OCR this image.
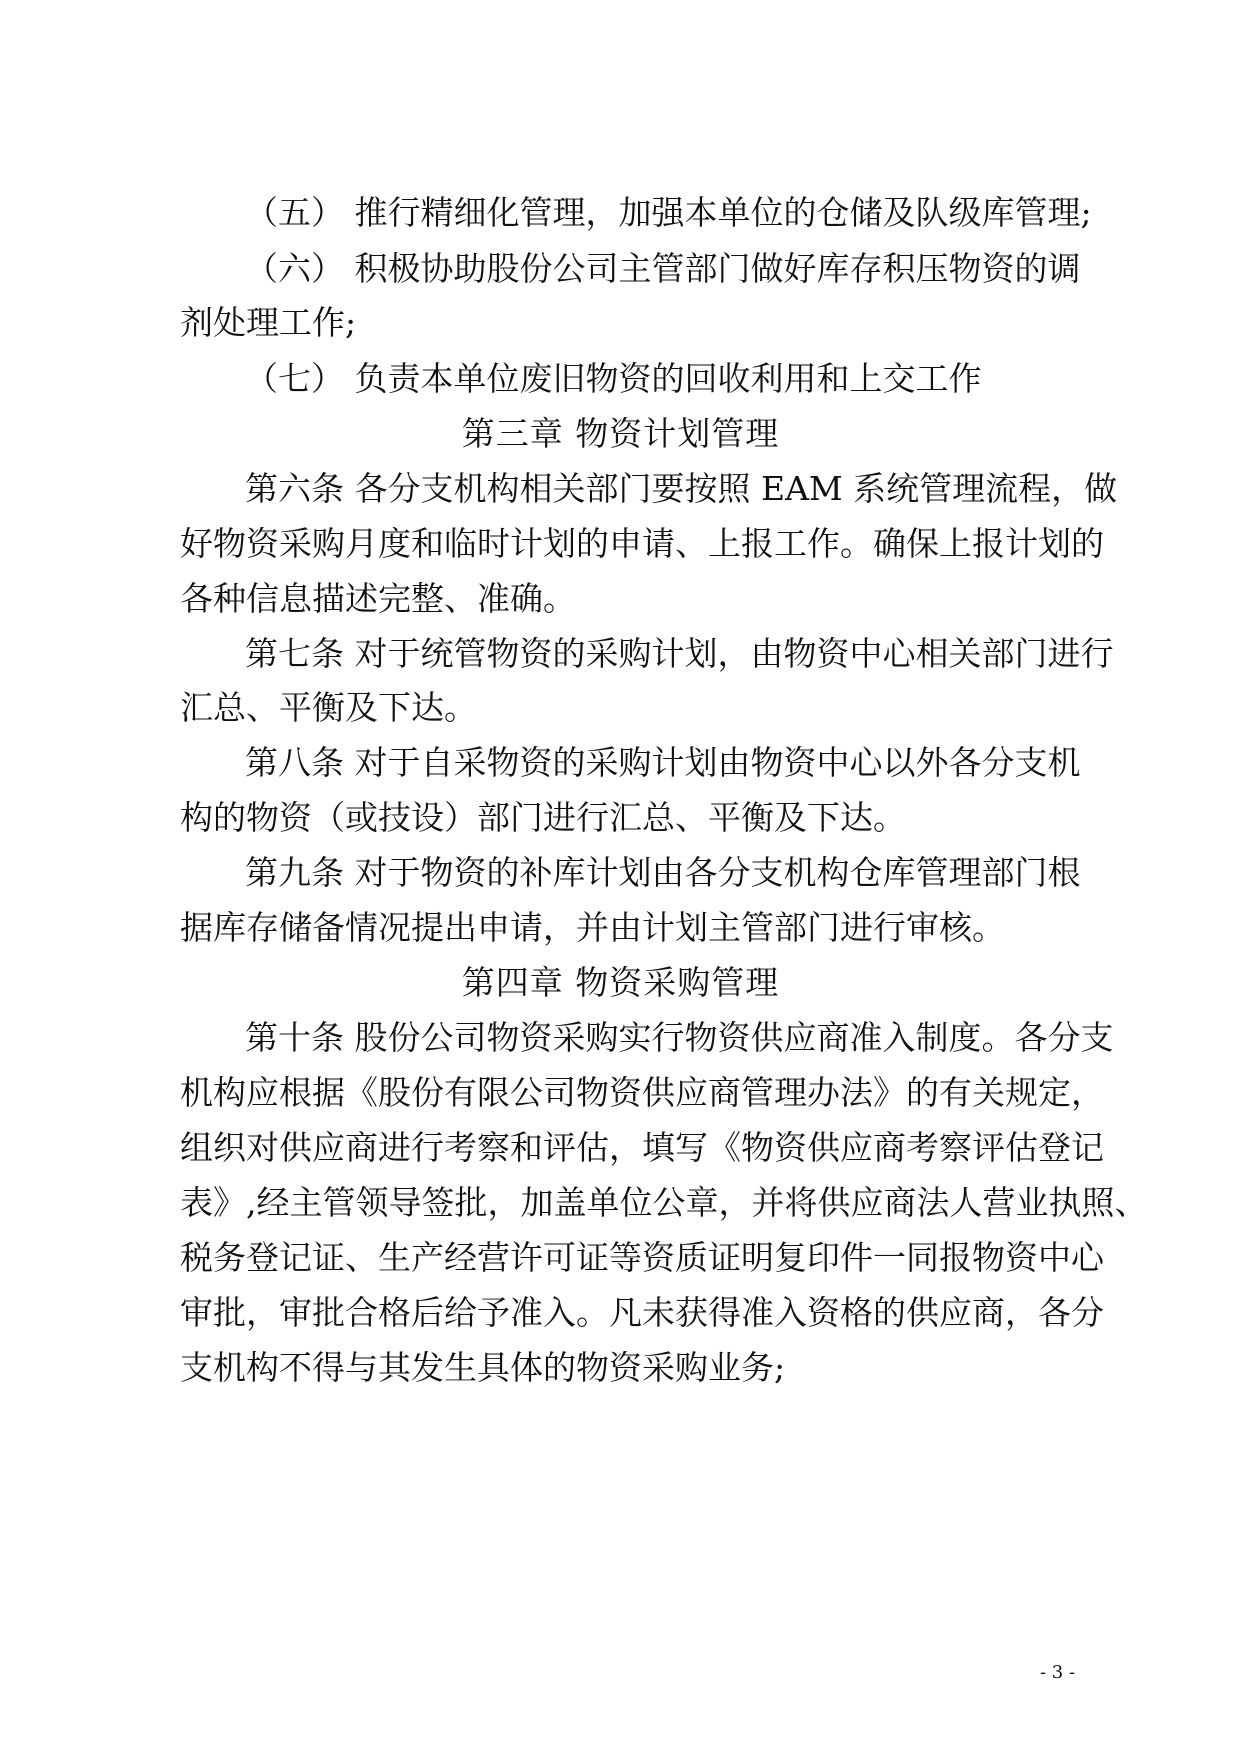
（五） 推行精细化管理，加强本单位的仓储及队级库管理;
（六） 积极协助股份公司主管部门做好库存积压物资的调
剂处理工作;
（七） 负责本单位废旧物资的回收利用和上交工作
第三章 物资计划管理
第六条 各分支机构相关部门要按照 EAM 系统管理流程，做
好物资采购月度和临时计划的申请、上报工作。确保上报计划的
各种信息描述完整、准确。
第七条 对于统管物资的采购计划，由物资中心相关部门进行
汇总、平衡及下达。
第八条 对于自采物资的采购计划由物资中心以外各分支机
构的物资（或技设）部门进行汇总、平衡及下达。
第九条 对于物资的补库计划由各分支机构仓库管理部门根
据库存储备情况提出申请，并由计划主管部门进行审核。
第四章 物资采购管理
第十条 股份公司物资采购实行物资供应商准入制度。各分支
机构应根据《股份有限公司物资供应商管理办法》的有关规定，
组织对供应商进行考察和评估，填写《物资供应商考察评估登记
表》,经主管领导签批，加盖单位公章，并将供应商法人营业执照、
税务登记证、生产经营许可证等资质证明复印件一同报物资中心
审批，审批合格后给予准入。凡未获得准入资格的供应商，各分
支机构不得与其发生具体的物资采购业务;
- 3 -
